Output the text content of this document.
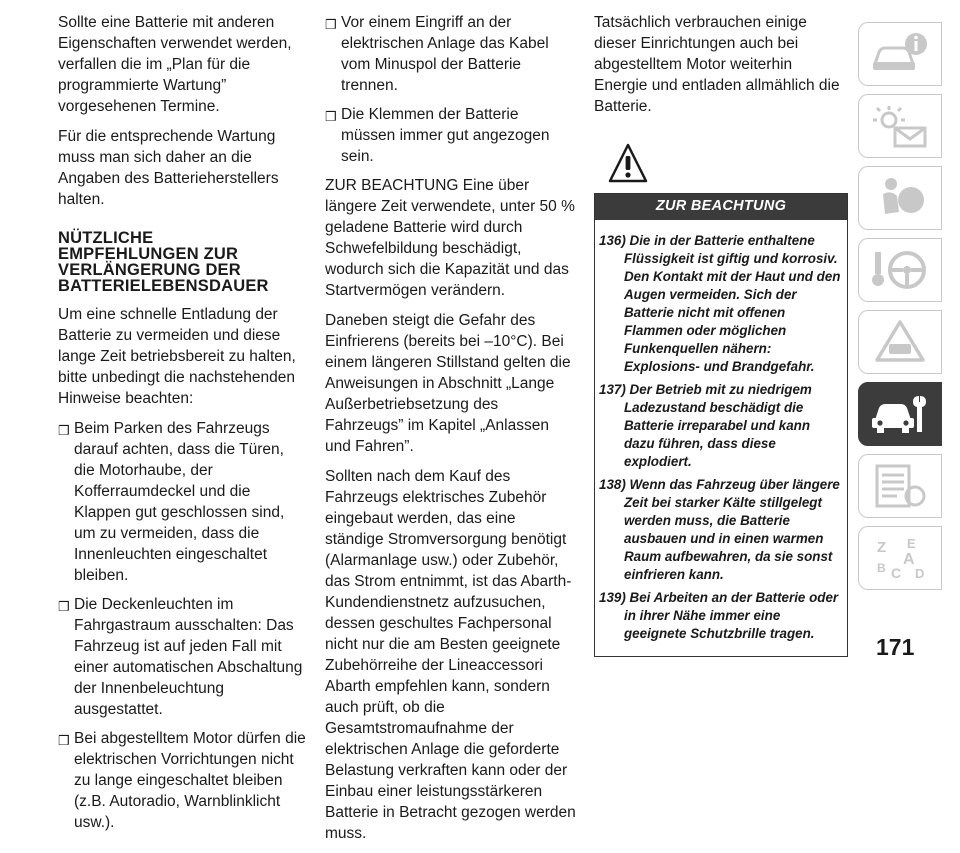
Sollte eine Batterie mit anderen Eigenschaften verwendet werden, verfallen die im „Plan für die programmierte Wartung” vorgesehenen Termine.

Für die entsprechende Wartung muss man sich daher an die Angaben des Batterieherstellers halten.

NÜTZLICHE
EMPFEHLUNGEN ZUR
VERLÄNGERUNG DER
BATTERIELEBENSDAUER

Um eine schnelle Entladung der Batterie zu vermeiden und diese lange Zeit betriebsbereit zu halten, bitte unbedingt die nachstehenden Hinweise beachten:

❒ Beim Parken des Fahrzeugs darauf achten, dass die Türen, die Motorhaube, der Kofferraumdeckel und die Klappen gut geschlossen sind, um zu vermeiden, dass die Innenleuchten eingeschaltet bleiben.
❒ Die Deckenleuchten im Fahrgastraum ausschalten: Das Fahrzeug ist auf jeden Fall mit einer automatischen Abschaltung der Innenbeleuchtung ausgestattet.
❒ Bei abgestelltem Motor dürfen die elektrischen Vorrichtungen nicht zu lange eingeschaltet bleiben (z.B. Autoradio, Warnblinklicht usw.).
❒ Vor einem Eingriff an der elektrischen Anlage das Kabel vom Minuspol der Batterie trennen.
❒ Die Klemmen der Batterie müssen immer gut angezogen sein.

ZUR BEACHTUNG Eine über längere Zeit verwendete, unter 50 % geladene Batterie wird durch Schwefelbildung beschädigt, wodurch sich die Kapazität und das Startvermögen verändern.

Daneben steigt die Gefahr des Einfrierens (bereits bei –10°C). Bei einem längeren Stillstand gelten die Anweisungen in Abschnitt „Lange Außerbetriebsetzung des Fahrzeugs” im Kapitel „Anlassen und Fahren”.

Sollten nach dem Kauf des Fahrzeugs elektrisches Zubehör eingebaut werden, das eine ständige Stromversorgung benötigt (Alarmanlage usw.) oder Zubehör, das Strom entnimmt, ist das Abarth-Kundendienstnetz aufzusuchen, dessen geschultes Fachpersonal nicht nur die am Besten geeignete Zubehörreihe der Lineaccessori Abarth empfehlen kann, sondern auch prüft, ob die Gesamtstromaufnahme der elektrischen Anlage die geforderte Belastung verkraften kann oder der Einbau einer leistungsstärkeren Batterie in Betracht gezogen werden muss.

Tatsächlich verbrauchen einige dieser Einrichtungen auch bei abgestelltem Motor weiterhin Energie und entladen allmählich die Batterie.

ZUR BEACHTUNG
136) Die in der Batterie enthaltene Flüssigkeit ist giftig und korrosiv. Den Kontakt mit der Haut und den Augen vermeiden. Sich der Batterie nicht mit offenen Flammen oder möglichen Funkenquellen nähern: Explosions- und Brandgefahr.
137) Der Betrieb mit zu niedrigem Ladezustand beschädigt die Batterie irreparabel und kann dazu führen, dass diese explodiert.
138) Wenn das Fahrzeug über längere Zeit bei starker Kälte stillgelegt werden muss, die Batterie ausbauen und in einen warmen Raum aufbewahren, da sie sonst einfrieren kann.
139) Bei Arbeiten an der Batterie oder in ihrer Nähe immer eine geeignete Schutzbrille tragen.
Z E
A
B C D
171
